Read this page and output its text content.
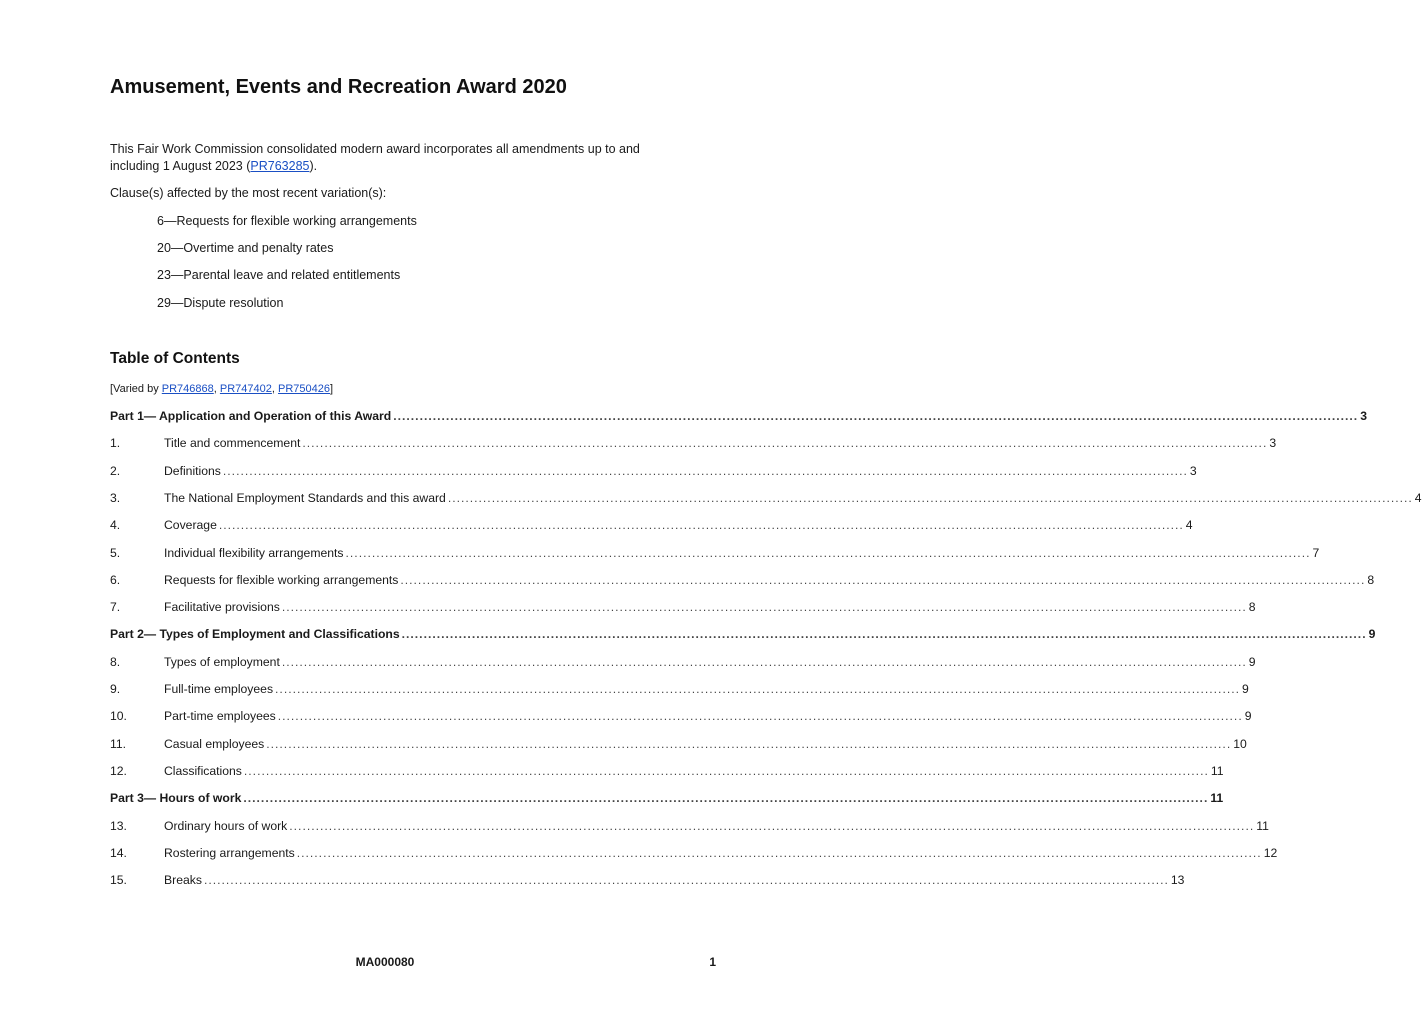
Amusement, Events and Recreation Award 2020

This Fair Work Commission consolidated modern award incorporates all amendments up to and including 1 August 2023 (PR763285).

Clause(s) affected by the most recent variation(s):

6—Requests for flexible working arrangements

20—Overtime and penalty rates

23—Parental leave and related entitlements

29—Dispute resolution

Table of Contents

[Varied by PR746868, PR747402, PR750426]

Part 1— Application and Operation of this Award ............................................................................................................................................................................................................................ 3
1.	Title and commencement ............................................................................................................................................................................................................................ 3
2.	Definitions ............................................................................................................................................................................................................................ 3
3.	The National Employment Standards and this award ............................................................................................................................................................................................................................ 4
4.	Coverage ............................................................................................................................................................................................................................ 4
5.	Individual flexibility arrangements ............................................................................................................................................................................................................................ 7
6.	Requests for flexible working arrangements ............................................................................................................................................................................................................................ 8
7.	Facilitative provisions ............................................................................................................................................................................................................................ 8
Part 2— Types of Employment and Classifications ............................................................................................................................................................................................................................ 9
8.	Types of employment ............................................................................................................................................................................................................................ 9
9.	Full-time employees ............................................................................................................................................................................................................................ 9
10.	Part-time employees ............................................................................................................................................................................................................................ 9
11.	Casual employees ............................................................................................................................................................................................................................ 10
12.	Classifications ............................................................................................................................................................................................................................ 11
Part 3— Hours of work ............................................................................................................................................................................................................................ 11
13.	Ordinary hours of work ............................................................................................................................................................................................................................ 11
14.	Rostering arrangements ............................................................................................................................................................................................................................ 12
15.	Breaks ............................................................................................................................................................................................................................ 13
MA000080	1
